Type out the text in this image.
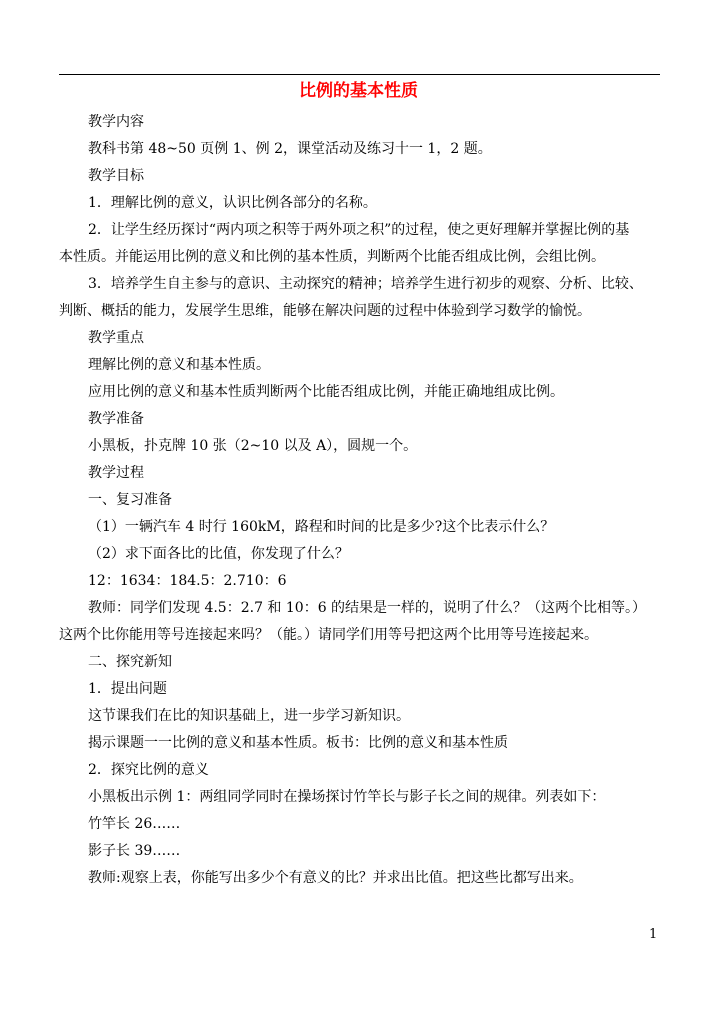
比例的基本性质
教学内容
教科书第 48~50 页例 1、例 2，课堂活动及练习十一 1，2 题。
教学目标
1．理解比例的意义，认识比例各部分的名称。
2．让学生经历探讨“两内项之积等于两外项之积”的过程，使之更好理解并掌握比例的基
本性质。并能运用比例的意义和比例的基本性质，判断两个比能否组成比例，会组比例。
3．培养学生自主参与的意识、主动探究的精神；培养学生进行初步的观察、分析、比较、
判断、概括的能力，发展学生思维，能够在解决问题的过程中体验到学习数学的愉悦。
教学重点
理解比例的意义和基本性质。
应用比例的意义和基本性质判断两个比能否组成比例，并能正确地组成比例。
教学准备
小黑板，扑克牌 10 张（2~10 以及 A），圆规一个。
教学过程
一、复习准备
（1）一辆汽车 4 时行 160kM，路程和时间的比是多少?这个比表示什么？
（2）求下面各比的比值，你发现了什么？
12：1634：184.5：2.710：6
教师：同学们发现 4.5：2.7 和 10：6 的结果是一样的，说明了什么？（这两个比相等。）
这两个比你能用等号连接起来吗？（能。）请同学们用等号把这两个比用等号连接起来。
二、探究新知
1．提出问题
这节课我们在比的知识基础上，进一步学习新知识。
揭示课题一一比例的意义和基本性质。板书：比例的意义和基本性质
2．探究比例的意义
小黑板出示例 1：两组同学同时在操场探讨竹竿长与影子长之间的规律。列表如下：
竹竿长 26……
影子长 39……
教师:观察上表，你能写出多少个有意义的比？并求出比值。把这些比都写出来。
1
